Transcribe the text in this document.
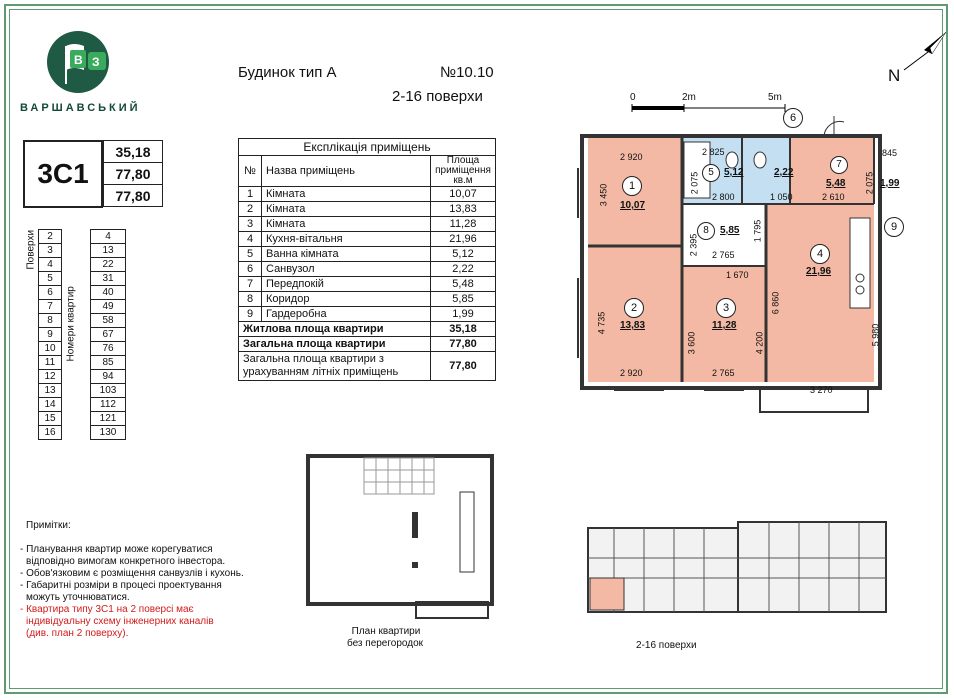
В З
ВАРШАВСЬКИЙ
Будинок тип А	№10.10
2-16 поверхи
3С1
35,18
77,80
77,80
Поверхи
Номери квартир
2		4
3		13
4		22
5		31
6		40
7		49
8		58
9		67
10		76
11		85
12		94
13		103
14		112
15		121
16		130
Експлікація приміщень		
№	Назва приміщень	Площа приміщення кв.м
1	Кімната	10,07
2	Кімната	13,83
3	Кімната	11,28
4	Кухня-вітальня	21,96
5	Ванна кімната	5,12
6	Санвузол	2,22
7	Передпокій	5,48
8	Коридор	5,85
9	Гардеробна	1,99
Житлова площа квартири		35,18
Загальна площа квартири		77,80
Загальна площа квартири з урахуванням літніх приміщень		77,80
0	2m	5m
N
1
10,07
2
13,83
3
11,28
4
21,96
5	5,12
6
2,22
7
5,48
8	5,85	9
1,99
2 920	2 825
2 800	1 050	2 610
845
2 075	2 075
3 450
2 395
1 795
2 765
1 670
4 735
3 600	4 200
6 860
5 980
2 920	2 765
3 270
План квартири
без перегородок	2-16 поверхи
Примітки:
- Планування квартир може корегуватися
відповідно вимогам конкретного інвестора.
- Обов'язковим є розміщення санвузлів і кухонь.
- Габаритні розміри в процесі проектування
можуть уточнюватися.
- Квартира типу 3С1 на 2 поверсі має
індивідуальну схему інженерних каналів
(див. план 2 поверху).
